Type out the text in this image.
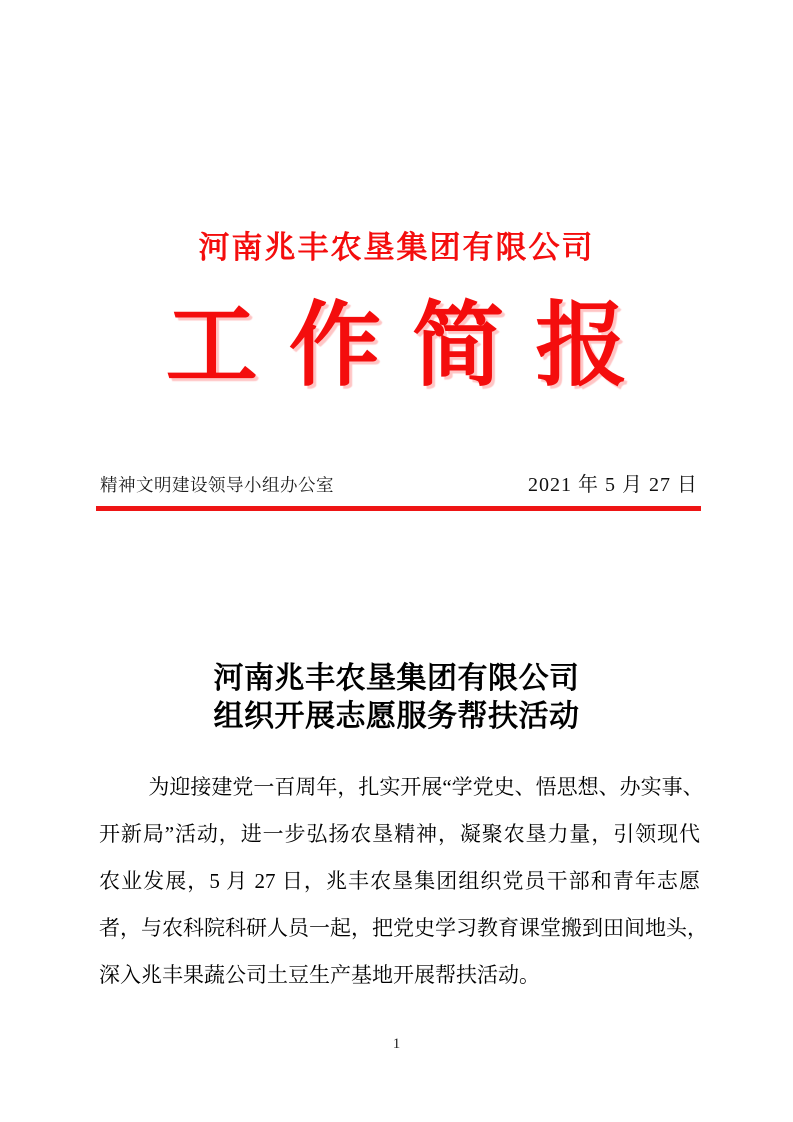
河南兆丰农垦集团有限公司
工作简报
精神文明建设领导小组办公室	2021 年 5 月 27 日
河南兆丰农垦集团有限公司
组织开展志愿服务帮扶活动
为迎接建党一百周年，扎实开展“学党史、悟思想、办实事、
开新局”活动，进一步弘扬农垦精神，凝聚农垦力量，引领现代
农业发展，5 月 27 日，兆丰农垦集团组织党员干部和青年志愿
者，与农科院科研人员一起，把党史学习教育课堂搬到田间地头，
深入兆丰果蔬公司土豆生产基地开展帮扶活动。
1
